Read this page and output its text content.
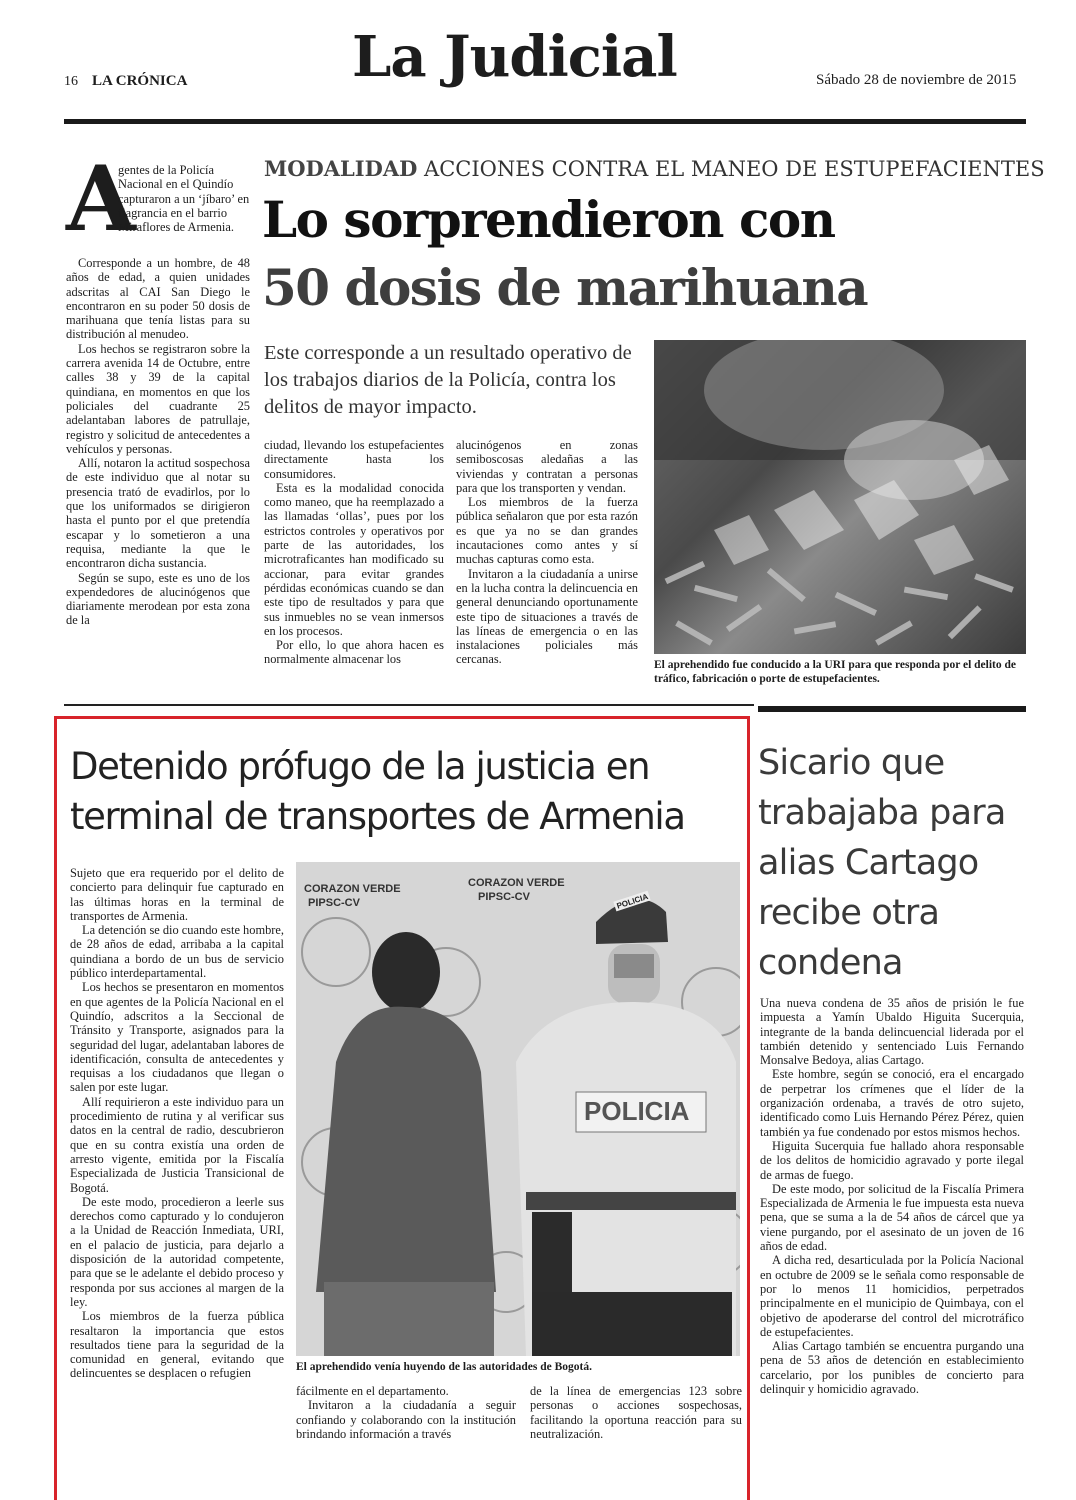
16 LA CRÓNICA	La Judicial	Sábado 28 de noviembre de 2015
A

gentes de la Policía Nacional en el Quindío capturaron a un ‘jíbaro’ en flagrancia en el barrio Miraflores de Armenia.

Corresponde a un hombre, de 48 años de edad, a quien unidades adscritas al CAI San Diego le encontraron en su poder 50 dosis de marihuana que tenía listas para su distribución al menudeo.

Los hechos se registraron sobre la carrera avenida 14 de Octubre, entre calles 38 y 39 de la capital quindiana, en momentos en que los policiales del cuadrante 25 adelantaban labores de patrullaje, registro y solicitud de antecedentes a vehículos y personas.

Allí, notaron la actitud sospechosa de este individuo que al notar su presencia trató de evadirlos, por lo que los uniformados se dirigieron hasta el punto por el que pretendía escapar y lo sometieron a una requisa, mediante la que le encontraron dicha sustancia.

Según se supo, este es uno de los expendedores de alucinógenos que diariamente merodean por esta zona de la

MODALIDAD ACCIONES CONTRA EL MANEO DE ESTUPEFACIENTES
Lo sorprendieron con
50 dosis de marihuana

Este corresponde a un resultado operativo de los trabajos diarios de la Policía, contra los delitos de mayor impacto.

ciudad, llevando los estupefacientes directamente hasta los consumidores.

Esta es la modalidad conocida como maneo, que ha reemplazado a las llamadas ‘ollas’, pues por los estrictos controles y operativos por parte de las autoridades, los microtraficantes han modificado su accionar, para evitar grandes pérdidas económicas cuando se dan este tipo de resultados y para que sus inmuebles no se vean inmersos en los procesos.

Por ello, lo que ahora hacen es normalmente almacenar los

alucinógenos en zonas semiboscosas aledañas a las viviendas y contratan a personas para que los transporten y vendan.

Los miembros de la fuerza pública señalaron que por esta razón es que ya no se dan grandes incautaciones como antes y sí muchas capturas como esta.

Invitaron a la ciudadanía a unirse en la lucha contra la delincuencia en general denunciando oportunamente este tipo de situaciones a través de las líneas de emergencia o en las instalaciones policiales más cercanas.	El aprehendido fue conducido a la URI para que responda por el delito de tráfico, fabricación o porte de estupefacientes.

Detenido prófugo de la justicia en
terminal de transportes de Armenia

Sujeto que era requerido por el delito de concierto para delinquir fue capturado en las últimas horas en la terminal de transportes de Armenia.

La detención se dio cuando este hombre, de 28 años de edad, arribaba a la capital quindiana a bordo de un bus de servicio público interdepartamental.

Los hechos se presentaron en momentos en que agentes de la Policía Nacional en el Quindío, adscritos a la Seccional de Tránsito y Transporte, asignados para la seguridad del lugar, adelantaban labores de identificación, consulta de antecedentes y requisas a los ciudadanos que llegan o salen por este lugar.

Allí requirieron a este individuo para un procedimiento de rutina y al verificar sus datos en la central de radio, descubrieron que en su contra existía una orden de arresto vigente, emitida por la Fiscalía Especializada de Justicia Transicional de Bogotá.

De este modo, procedieron a leerle sus derechos como capturado y lo condujeron a la Unidad de Reacción Inmediata, URI, en el palacio de justicia, para dejarlo a disposición de la autoridad competente, para que se le adelante el debido proceso y responda por sus acciones al margen de la ley.

Los miembros de la fuerza pública resaltaron la importancia que estos resultados tiene para la seguridad de la comunidad en general, evitando que delincuentes se desplacen o refugien

CORAZON VERDE
PIPSC-CV
CORAZON VERDE
PIPSC-CV	POLICIA
POLICIA

El aprehendido venía huyendo de las autoridades de Bogotá.

fácilmente en el departamento.

Invitaron a la ciudadanía a seguir confiando y colaborando con la institución brindando información a través

de la línea de emergencias 123 sobre personas o acciones sospechosas, facilitando la oportuna reacción para su neutralización.

Sicario que
trabajaba para
alias Cartago
recibe otra
condena

Una nueva condena de 35 años de prisión le fue impuesta a Yamín Ubaldo Higuita Sucerquia, integrante de la banda delincuencial liderada por el también detenido y sentenciado Luis Fernando Monsalve Bedoya, alias Cartago.

Este hombre, según se conoció, era el encargado de perpetrar los crímenes que el líder de la organización ordenaba, a través de otro sujeto, identificado como Luis Hernando Pérez Pérez, quien también ya fue condenado por estos mismos hechos.

Higuita Sucerquia fue hallado ahora responsable de los delitos de homicidio agravado y porte ilegal de armas de fuego.

De este modo, por solicitud de la Fiscalía Primera Especializada de Armenia le fue impuesta esta nueva pena, que se suma a la de 54 años de cárcel que ya viene purgando, por el asesinato de un joven de 16 años de edad.

A dicha red, desarticulada por la Policía Nacional en octubre de 2009 se le señala como responsable de por lo menos 11 homicidios, perpetrados principalmente en el municipio de Quimbaya, con el objetivo de apoderarse del control del microtráfico de estupefacientes.

Alias Cartago también se encuentra purgando una pena de 53 años de detención en establecimiento carcelario, por los punibles de concierto para delinquir y homicidio agravado.
